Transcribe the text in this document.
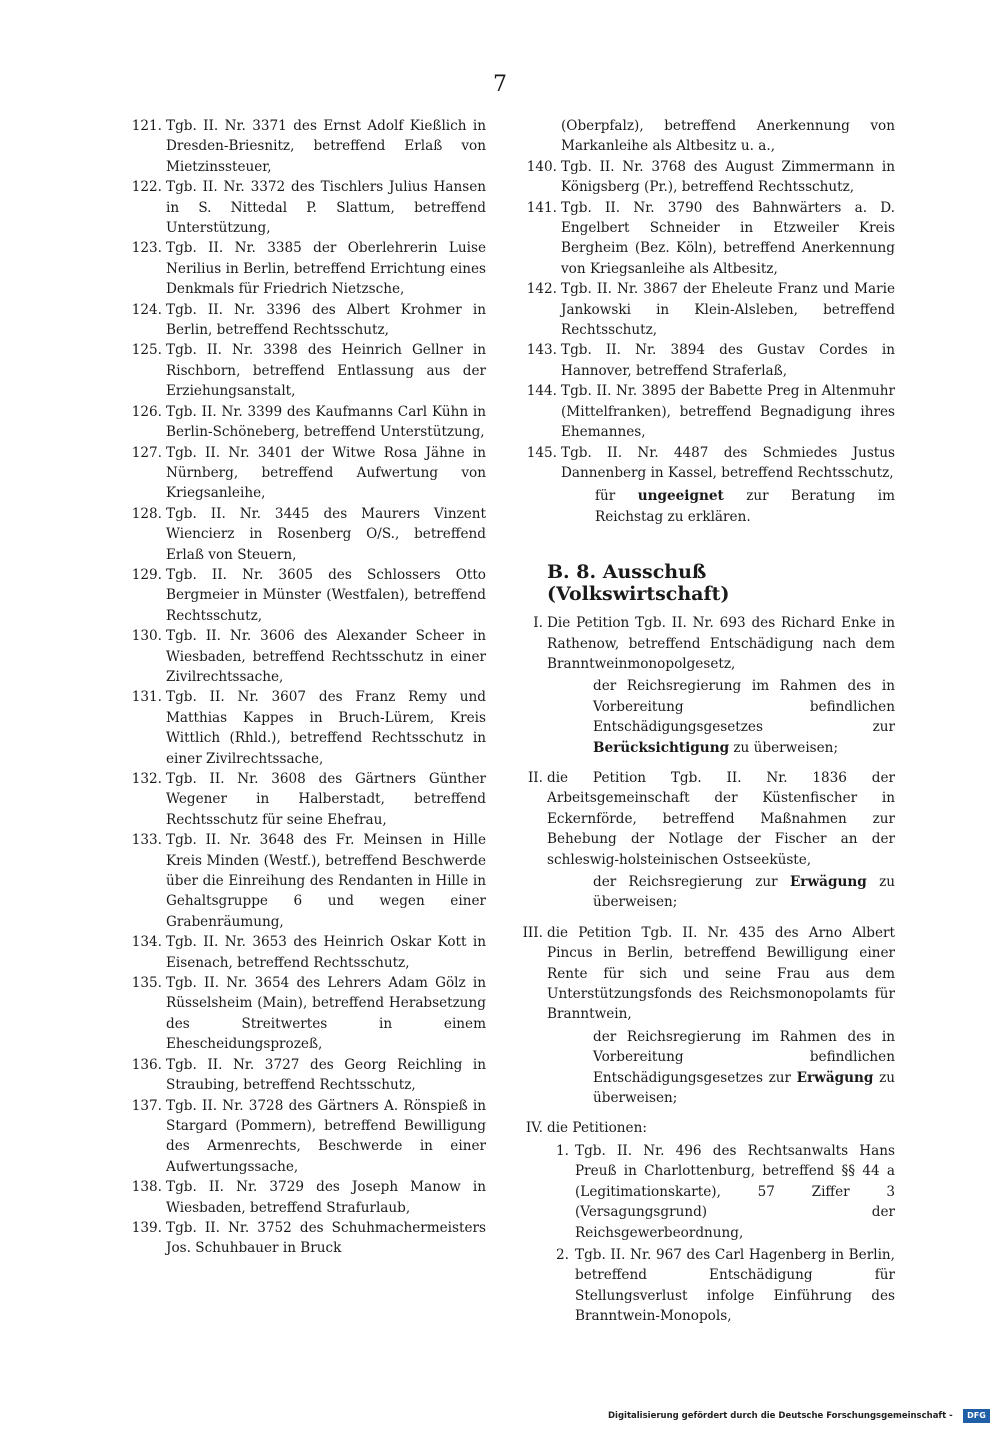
7
121. Tgb. II. Nr. 3371 des Ernst Adolf Kießlich in Dresden-Briesnitz, betreffend Erlaß von Mietzinssteuer,
122. Tgb. II. Nr. 3372 des Tischlers Julius Hansen in S. Nittedal P. Slattum, betreffend Unterstützung,
123. Tgb. II. Nr. 3385 der Oberlehrerin Luise Nerilius in Berlin, betreffend Errichtung eines Denkmals für Friedrich Nietzsche,
124. Tgb. II. Nr. 3396 des Albert Krohmer in Berlin, betreffend Rechtsschutz,
125. Tgb. II. Nr. 3398 des Heinrich Gellner in Rischborn, betreffend Entlassung aus der Erziehungsanstalt,
126. Tgb. II. Nr. 3399 des Kaufmanns Carl Kühn in Berlin-Schöneberg, betreffend Unterstützung,
127. Tgb. II. Nr. 3401 der Witwe Rosa Jähne in Nürnberg, betreffend Aufwertung von Kriegsanleihe,
128. Tgb. II. Nr. 3445 des Maurers Vinzent Wiencierz in Rosenberg O/S., betreffend Erlaß von Steuern,
129. Tgb. II. Nr. 3605 des Schlossers Otto Bergmeier in Münster (Westfalen), betreffend Rechtsschutz,
130. Tgb. II. Nr. 3606 des Alexander Scheer in Wiesbaden, betreffend Rechtsschutz in einer Zivilrechtssache,
131. Tgb. II. Nr. 3607 des Franz Remy und Matthias Kappes in Bruch-Lürem, Kreis Wittlich (Rhld.), betreffend Rechtsschutz in einer Zivilrechtssache,
132. Tgb. II. Nr. 3608 des Gärtners Günther Wegener in Halberstadt, betreffend Rechtsschutz für seine Ehefrau,
133. Tgb. II. Nr. 3648 des Fr. Meinsen in Hille Kreis Minden (Westf.), betreffend Beschwerde über die Einreihung des Rendanten in Hille in Gehaltsgruppe 6 und wegen einer Grabenräumung,
134. Tgb. II. Nr. 3653 des Heinrich Oskar Kott in Eisenach, betreffend Rechtsschutz,
135. Tgb. II. Nr. 3654 des Lehrers Adam Gölz in Rüsselsheim (Main), betreffend Herabsetzung des Streitwertes in einem Ehescheidungsprozeß,
136. Tgb. II. Nr. 3727 des Georg Reichling in Straubing, betreffend Rechtsschutz,
137. Tgb. II. Nr. 3728 des Gärtners A. Rönspieß in Stargard (Pommern), betreffend Bewilligung des Armenrechts, Beschwerde in einer Aufwertungssache,
138. Tgb. II. Nr. 3729 des Joseph Manow in Wiesbaden, betreffend Strafurlaub,
139. Tgb. II. Nr. 3752 des Schuhmachermeisters Jos. Schuhbauer in Bruck
(Oberpfalz), betreffend Anerkennung von Markanleihe als Altbesitz u. a.,
140. Tgb. II. Nr. 3768 des August Zimmermann in Königsberg (Pr.), betreffend Rechtsschutz,
141. Tgb. II. Nr. 3790 des Bahnwärters a. D. Engelbert Schneider in Etzweiler Kreis Bergheim (Bez. Köln), betreffend Anerkennung von Kriegsanleihe als Altbesitz,
142. Tgb. II. Nr. 3867 der Eheleute Franz und Marie Jankowski in Klein-Alsleben, betreffend Rechtsschutz,
143. Tgb. II. Nr. 3894 des Gustav Cordes in Hannover, betreffend Straferlaß,
144. Tgb. II. Nr. 3895 der Babette Preg in Altenmuhr (Mittelfranken), betreffend Begnadigung ihres Ehemannes,
145. Tgb. II. Nr. 4487 des Schmiedes Justus Dannenberg in Kassel, betreffend Rechtsschutz,
für ungeeignet zur Beratung im Reichstag zu erklären.
B. 8. Ausschuß (Volkswirtschaft)
I. Die Petition Tgb. II. Nr. 693 des Richard Enke in Rathenow, betreffend Entschädigung nach dem Branntweinmonopolgesetz,
der Reichsregierung im Rahmen des in Vorbereitung befindlichen Entschädigungsgesetzes zur Berücksichtigung zu überweisen;
II. die Petition Tgb. II. Nr. 1836 der Arbeitsgemeinschaft der Küstenfischer in Eckernförde, betreffend Maßnahmen zur Behebung der Notlage der Fischer an der schleswig-holsteinischen Ostseeküste,
der Reichsregierung zur Erwägung zu überweisen;
III. die Petition Tgb. II. Nr. 435 des Arno Albert Pincus in Berlin, betreffend Bewilligung einer Rente für sich und seine Frau aus dem Unterstützungsfonds des Reichsmonopolamts für Branntwein,
der Reichsregierung im Rahmen des in Vorbereitung befindlichen Entschädigungsgesetzes zur Erwägung zu überweisen;
IV. die Petitionen:
1. Tgb. II. Nr. 496 des Rechtsanwalts Hans Preuß in Charlottenburg, betreffend §§ 44 a (Legitimationskarte), 57 Ziffer 3 (Versagungsgrund) der Reichsgewerbeordnung,
2. Tgb. II. Nr. 967 des Carl Hagenberg in Berlin, betreffend Entschädigung für Stellungsverlust infolge Einführung des Branntwein-Monopols,
Digitalisierung gefördert durch die Deutsche Forschungsgemeinschaft -	DFG
